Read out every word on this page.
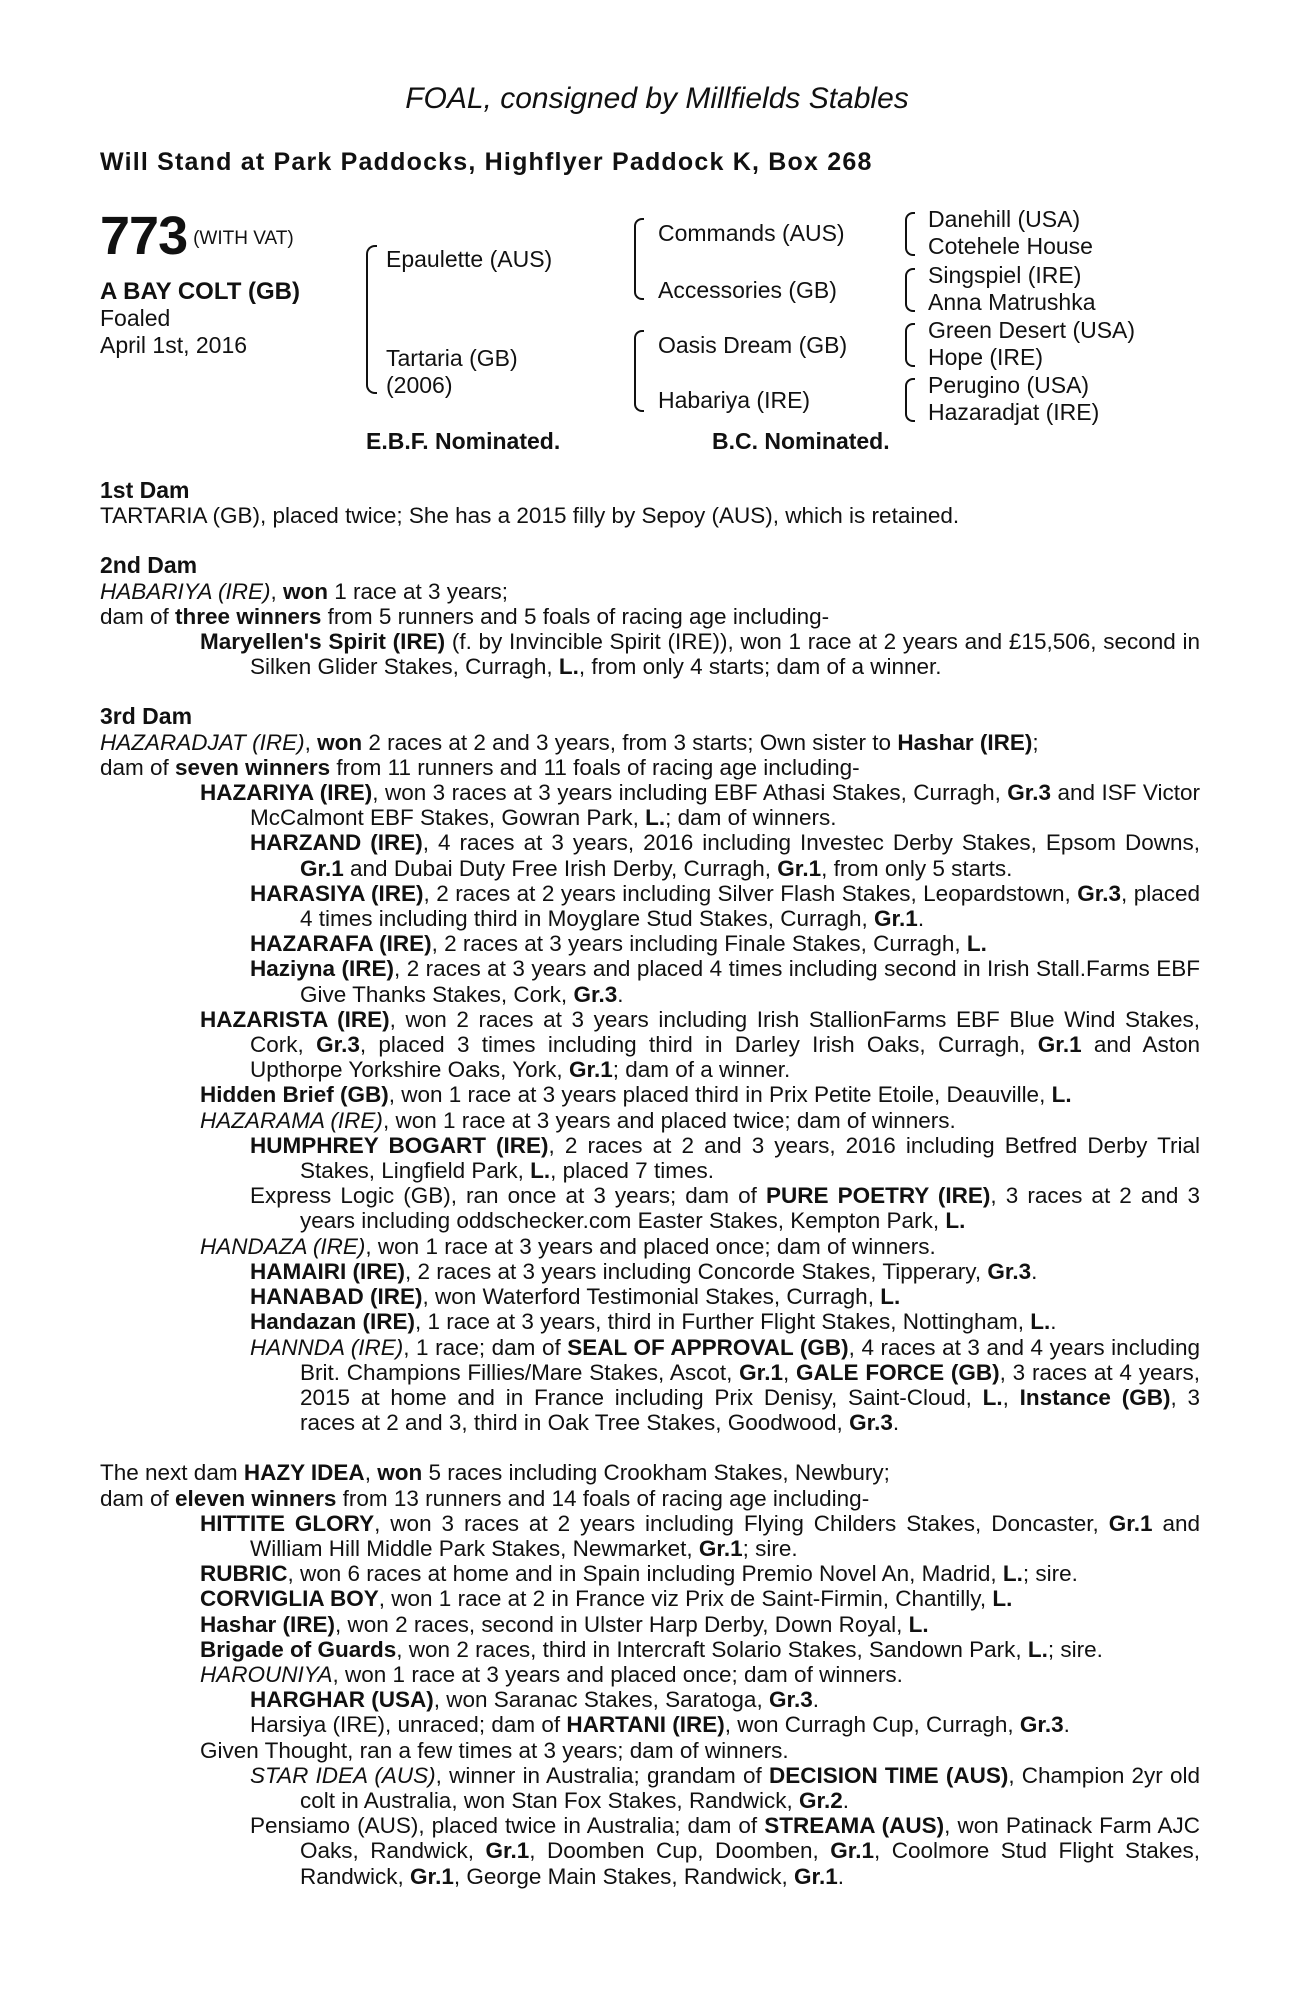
FOAL, consigned by Millfields Stables
Will Stand at Park Paddocks, Highflyer Paddock K, Box 268
773 (WITH VAT)
A BAY COLT (GB)
Foaled
April 1st, 2016
Epaulette (AUS)
Tartaria (GB)
(2006)
Commands (AUS)
Accessories (GB)
Oasis Dream (GB)
Habariya (IRE)
Danehill (USA)
Cotehele House
Singspiel (IRE)
Anna Matrushka
Green Desert (USA)
Hope (IRE)
Perugino (USA)
Hazaradjat (IRE)
E.B.F. Nominated.	B.C. Nominated.

1st Dam

TARTARIA (GB), placed twice; She has a 2015 filly by Sepoy (AUS), which is retained.

2nd Dam

HABARIYA (IRE), won 1 race at 3 years;

dam of three winners from 5 runners and 5 foals of racing age including-

Maryellen's Spirit (IRE) (f. by Invincible Spirit (IRE)), won 1 race at 2 years and £15,506, second in Silken Glider Stakes, Curragh, L., from only 4 starts; dam of a winner.

3rd Dam

HAZARADJAT (IRE), won 2 races at 2 and 3 years, from 3 starts; Own sister to Hashar (IRE);

dam of seven winners from 11 runners and 11 foals of racing age including-

HAZARIYA (IRE), won 3 races at 3 years including EBF Athasi Stakes, Curragh, Gr.3 and ISF Victor McCalmont EBF Stakes, Gowran Park, L.; dam of winners.

HARZAND (IRE), 4 races at 3 years, 2016 including Investec Derby Stakes, Epsom Downs, Gr.1 and Dubai Duty Free Irish Derby, Curragh, Gr.1, from only 5 starts.

HARASIYA (IRE), 2 races at 2 years including Silver Flash Stakes, Leopardstown, Gr.3, placed 4 times including third in Moyglare Stud Stakes, Curragh, Gr.1.

HAZARAFA (IRE), 2 races at 3 years including Finale Stakes, Curragh, L.

Haziyna (IRE), 2 races at 3 years and placed 4 times including second in Irish Stall.Farms EBF Give Thanks Stakes, Cork, Gr.3.

HAZARISTA (IRE), won 2 races at 3 years including Irish StallionFarms EBF Blue Wind Stakes, Cork, Gr.3, placed 3 times including third in Darley Irish Oaks, Curragh, Gr.1 and Aston Upthorpe Yorkshire Oaks, York, Gr.1; dam of a winner.

Hidden Brief (GB), won 1 race at 3 years placed third in Prix Petite Etoile, Deauville, L.

HAZARAMA (IRE), won 1 race at 3 years and placed twice; dam of winners.

HUMPHREY BOGART (IRE), 2 races at 2 and 3 years, 2016 including Betfred Derby Trial Stakes, Lingfield Park, L., placed 7 times.

Express Logic (GB), ran once at 3 years; dam of PURE POETRY (IRE), 3 races at 2 and 3 years including oddschecker.com Easter Stakes, Kempton Park, L.

HANDAZA (IRE), won 1 race at 3 years and placed once; dam of winners.

HAMAIRI (IRE), 2 races at 3 years including Concorde Stakes, Tipperary, Gr.3.

HANABAD (IRE), won Waterford Testimonial Stakes, Curragh, L.

Handazan (IRE), 1 race at 3 years, third in Further Flight Stakes, Nottingham, L..

HANNDA (IRE), 1 race; dam of SEAL OF APPROVAL (GB), 4 races at 3 and 4 years including Brit. Champions Fillies/Mare Stakes, Ascot, Gr.1, GALE FORCE (GB), 3 races at 4 years, 2015 at home and in France including Prix Denisy, Saint-Cloud, L., Instance (GB), 3 races at 2 and 3, third in Oak Tree Stakes, Goodwood, Gr.3.

The next dam HAZY IDEA, won 5 races including Crookham Stakes, Newbury;

dam of eleven winners from 13 runners and 14 foals of racing age including-

HITTITE GLORY, won 3 races at 2 years including Flying Childers Stakes, Doncaster, Gr.1 and William Hill Middle Park Stakes, Newmarket, Gr.1; sire.

RUBRIC, won 6 races at home and in Spain including Premio Novel An, Madrid, L.; sire.

CORVIGLIA BOY, won 1 race at 2 in France viz Prix de Saint-Firmin, Chantilly, L.

Hashar (IRE), won 2 races, second in Ulster Harp Derby, Down Royal, L.

Brigade of Guards, won 2 races, third in Intercraft Solario Stakes, Sandown Park, L.; sire.

HAROUNIYA, won 1 race at 3 years and placed once; dam of winners.

HARGHAR (USA), won Saranac Stakes, Saratoga, Gr.3.

Harsiya (IRE), unraced; dam of HARTANI (IRE), won Curragh Cup, Curragh, Gr.3.

Given Thought, ran a few times at 3 years; dam of winners.

STAR IDEA (AUS), winner in Australia; grandam of DECISION TIME (AUS), Champion 2yr old colt in Australia, won Stan Fox Stakes, Randwick, Gr.2.

Pensiamo (AUS), placed twice in Australia; dam of STREAMA (AUS), won Patinack Farm AJC Oaks, Randwick, Gr.1, Doomben Cup, Doomben, Gr.1, Coolmore Stud Flight Stakes, Randwick, Gr.1, George Main Stakes, Randwick, Gr.1.
